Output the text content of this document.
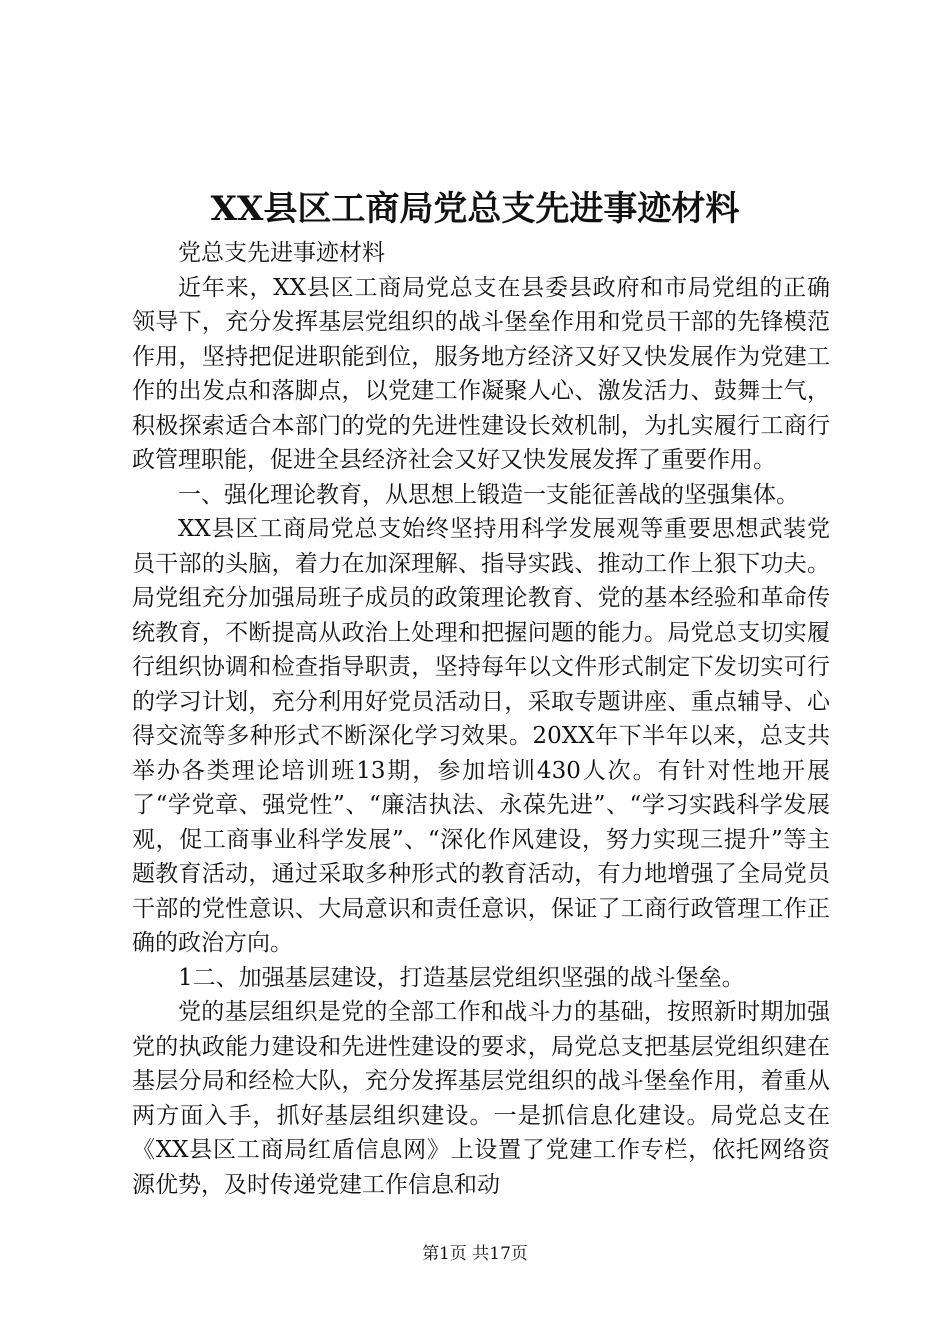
XX县区工商局党总支先进事迹材料

党总支先进事迹材料

近年来，XX县区工商局党总支在县委县政府和市局党组的正确领导下，充分发挥基层党组织的战斗堡垒作用和党员干部的先锋模范作用，坚持把促进职能到位，服务地方经济又好又快发展作为党建工作的出发点和落脚点，以党建工作凝聚人心、激发活力、鼓舞士气，积极探索适合本部门的党的先进性建设长效机制，为扎实履行工商行政管理职能，促进全县经济社会又好又快发展发挥了重要作用。

一、强化理论教育，从思想上锻造一支能征善战的坚强集体。

XX县区工商局党总支始终坚持用科学发展观等重要思想武装党员干部的头脑，着力在加深理解、指导实践、推动工作上狠下功夫。局党组充分加强局班子成员的政策理论教育、党的基本经验和革命传统教育，不断提高从政治上处理和把握问题的能力。局党总支切实履行组织协调和检查指导职责，坚持每年以文件形式制定下发切实可行的学习计划，充分利用好党员活动日，采取专题讲座、重点辅导、心得交流等多种形式不断深化学习效果。20XX年下半年以来，总支共举办各类理论培训班13期，参加培训430人次。有针对性地开展了“学党章、强党性”、“廉洁执法、永葆先进”、“学习实践科学发展观，促工商事业科学发展”、“深化作风建设，努力实现三提升”等主题教育活动，通过采取多种形式的教育活动，有力地增强了全局党员干部的党性意识、大局意识和责任意识，保证了工商行政管理工作正确的政治方向。

1二、加强基层建设，打造基层党组织坚强的战斗堡垒。

党的基层组织是党的全部工作和战斗力的基础，按照新时期加强党的执政能力建设和先进性建设的要求，局党总支把基层党组织建在基层分局和经检大队，充分发挥基层党组织的战斗堡垒作用，着重从两方面入手，抓好基层组织建设。一是抓信息化建设。局党总支在《XX县区工商局红盾信息网》上设置了党建工作专栏，依托网络资源优势，及时传递党建工作信息和动

第1页 共17页
